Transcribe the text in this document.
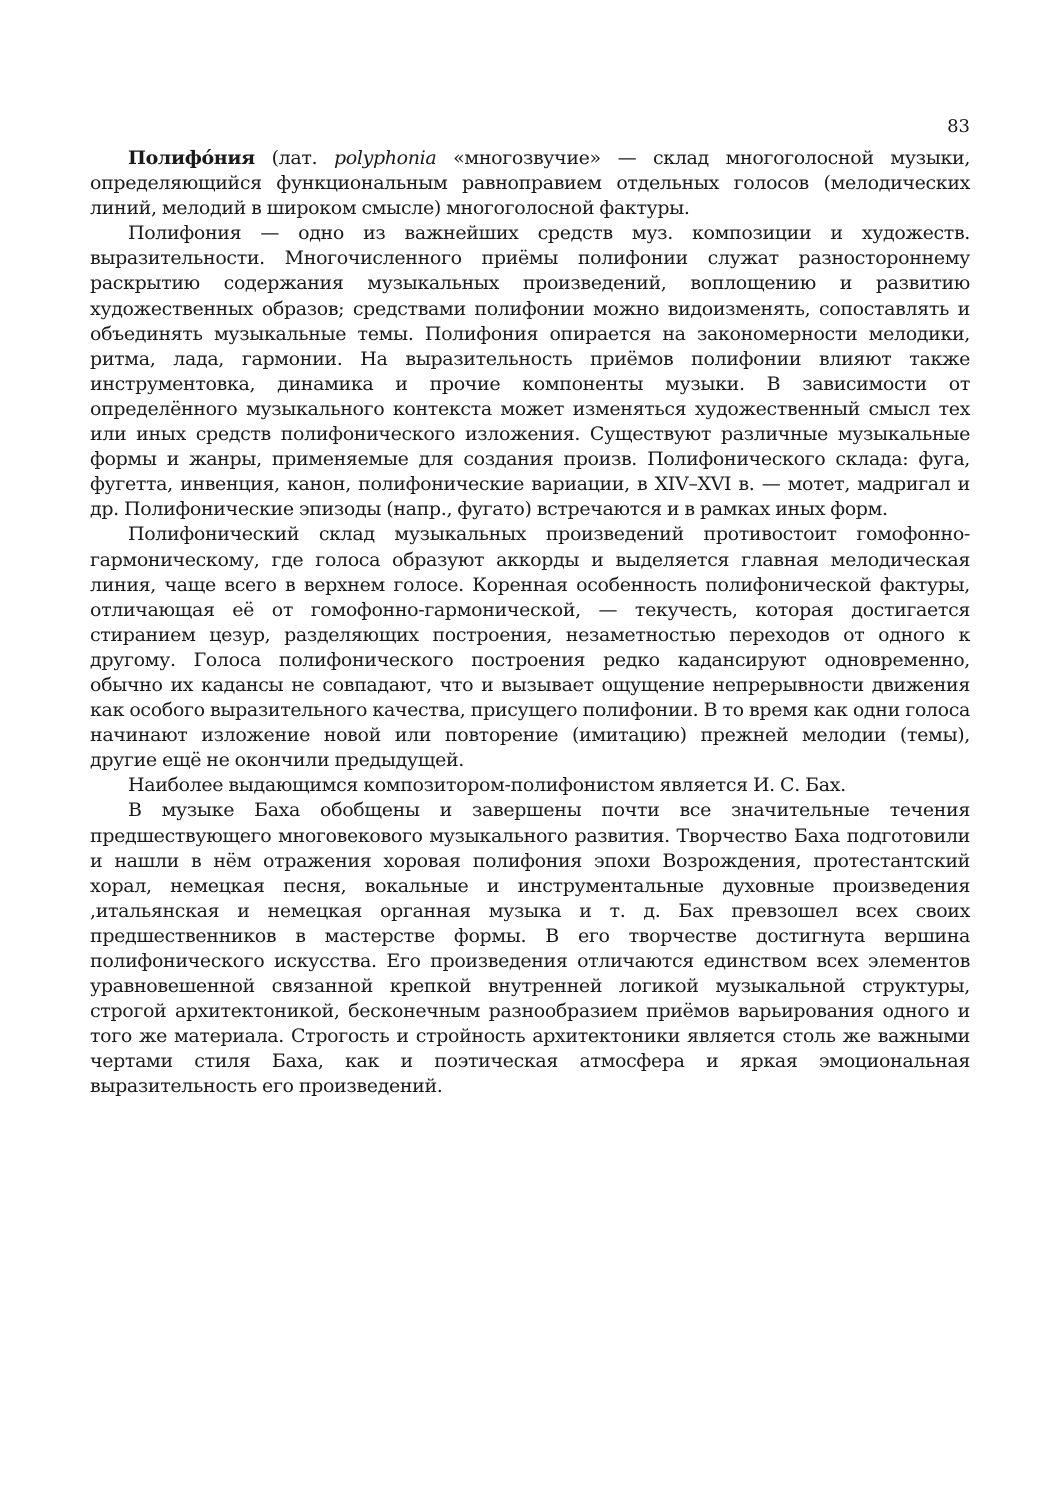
83

Полифо́ния (лат. polyphonia «многозвучие» — склад многоголосной музыки, определяющийся функциональным равноправием отдельных голосов (мелодических линий, мелодий в широком смысле) многоголосной фактуры.

Полифония — одно из важнейших средств муз. композиции и художеств. выразительности. Многочисленного приёмы полифонии служат разностороннему раскрытию содержания музыкальных произведений, воплощению и развитию художественных образов; средствами полифонии можно видоизменять, сопоставлять и объединять музыкальные темы. Полифония опирается на закономерности мелодики, ритма, лада, гармонии. На выразительность приёмов полифонии влияют также инструментовка, динамика и прочие компоненты музыки. В зависимости от определённого музыкального контекста может изменяться художественный смысл тех или иных средств полифонического изложения. Существуют различные музыкальные формы и жанры, применяемые для создания произв. Полифонического склада: фуга, фугетта, инвенция, канон, полифонические вариации, в XIV–XVI в. — мотет, мадригал и др. Полифонические эпизоды (напр., фугато) встречаются и в рамках иных форм.

Полифонический склад музыкальных произведений противостоит гомофонно-гармоническому, где голоса образуют аккорды и выделяется главная мелодическая линия, чаще всего в верхнем голосе. Коренная особенность полифонической фактуры, отличающая её от гомофонно-гармонической, — текучесть, которая достигается стиранием цезур, разделяющих построения, незаметностью переходов от одного к другому. Голоса полифонического построения редко кадансируют одновременно, обычно их кадансы не совпадают, что и вызывает ощущение непрерывности движения как особого выразительного качества, присущего полифонии. В то время как одни голоса начинают изложение новой или повторение (имитацию) прежней мелодии (темы), другие ещё не окончили предыдущей.

Наиболее выдающимся композитором-полифонистом является И. С. Бах.

В музыке Баха обобщены и завершены почти все значительные течения предшествующего многовекового музыкального развития. Творчество Баха подготовили и нашли в нём отражения хоровая полифония эпохи Возрождения, протестантский хорал, немецкая песня, вокальные и инструментальные духовные произведения ,итальянская и немецкая органная музыка и т. д. Бах превзошел всех своих предшественников в мастерстве формы. В его творчестве достигнута вершина полифонического искусства. Его произведения отличаются единством всех элементов уравновешенной связанной крепкой внутренней логикой музыкальной структуры, строгой архитектоникой, бесконечным разнообразием приёмов варьирования одного и того же материала. Строгость и стройность архитектоники является столь же важными чертами стиля Баха, как и поэтическая атмосфера и яркая эмоциональная выразительность его произведений.
